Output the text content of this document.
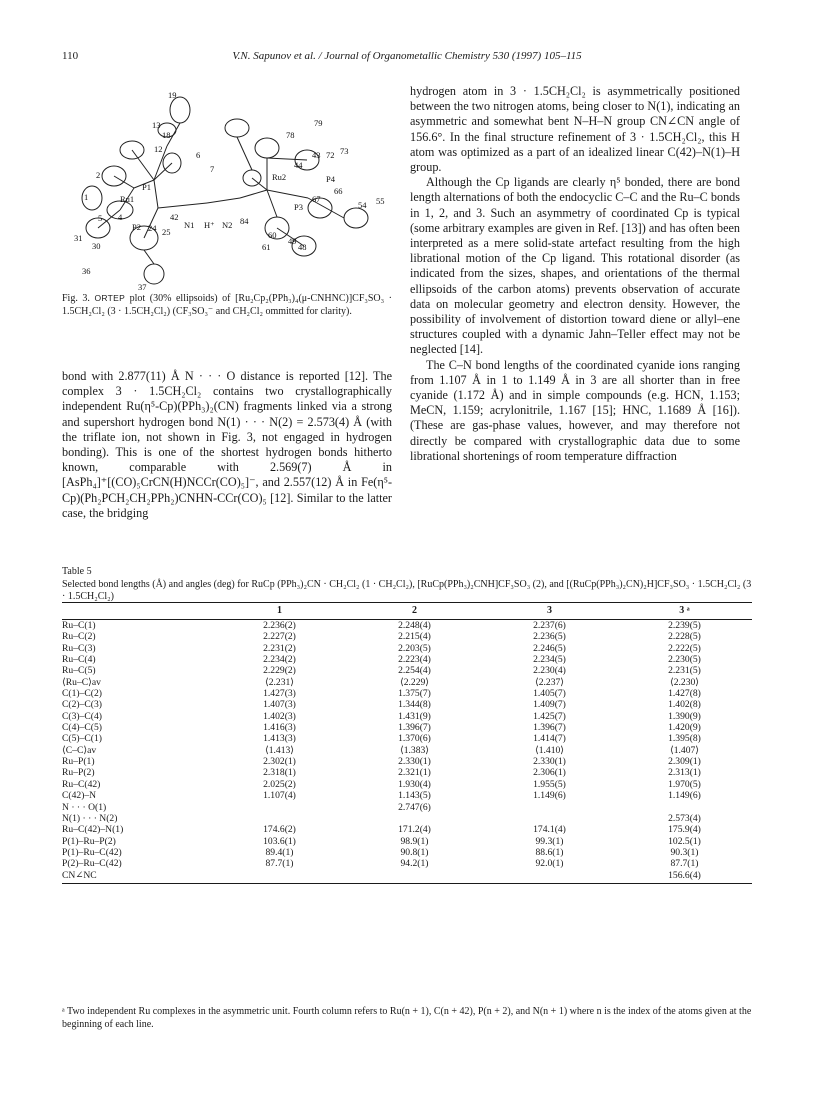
110	V.N. Sapunov et al. / Journal of Organometallic Chemistry 530 (1997) 105–115
19
13
18
12
6
7
2
P1
1	Ru1
5 4	42
N1 H⁺ N2 84
P2 24 25
31
30
36
37
79
78
44
43 72 73
Ru2	P4
66
67
P3	54 55
60
49
48
61
Fig. 3. ORTEP plot (30% ellipsoids) of [Ru₂Cp₂(PPh₃)₄(μ-CNHNC)]CF₃SO₃ · 1.5CH₂Cl₂ (3 · 1.5CH₂Cl₂) (CF₃SO₃⁻ and CH₂Cl₂ ommitted for clarity).

bond with 2.877(11) Å N · · · O distance is reported [12]. The complex 3 · 1.5CH₂Cl₂ contains two crystallographically independent Ru(η⁵-Cp)(PPh₃)₂(CN) fragments linked via a strong and supershort hydrogen bond N(1) · · · N(2) = 2.573(4) Å (with the triflate ion, not shown in Fig. 3, not engaged in hydrogen bonding). This is one of the shortest hydrogen bonds hitherto known, comparable with 2.569(7) Å in [AsPh₄]⁺[(CO)₅CrCN(H)NCCr(CO)₅]⁻, and 2.557(12) Å in Fe(η⁵-Cp)(Ph₂PCH₂CH₂PPh₂)CNHN-CCr(CO)₅ [12]. Similar to the latter case, the bridging

hydrogen atom in 3 · 1.5CH₂Cl₂ is asymmetrically positioned between the two nitrogen atoms, being closer to N(1), indicating an asymmetric and somewhat bent N–H–N group CN∠CN angle of 156.6°. In the final structure refinement of 3 · 1.5CH₂Cl₂, this H atom was optimized as a part of an idealized linear C(42)–N(1)–H group.

Although the Cp ligands are clearly η⁵ bonded, there are bond length alternations of both the endocyclic C–C and the Ru–C bonds in 1, 2, and 3. Such an asymmetry of coordinated Cp is typical (some arbitrary examples are given in Ref. [13]) and has often been interpreted as a mere solid-state artefact resulting from the high librational motion of the Cp ligand. This rotational disorder (as indicated from the sizes, shapes, and orientations of the thermal ellipsoids of the carbon atoms) prevents observation of accurate data on molecular geometry and electron density. However, the possibility of involvement of distortion toward diene or allyl–ene structures coupled with a dynamic Jahn–Teller effect may not be neglected [14].

The C–N bond lengths of the coordinated cyanide ions ranging from 1.107 Å in 1 to 1.149 Å in 3 are all shorter than in free cyanide (1.172 Å) and in simple compounds (e.g. HCN, 1.153; MeCN, 1.159; acrylonitrile, 1.167 [15]; HNC, 1.1689 Å [16]). (These are gas-phase values, however, and may therefore not directly be compared with crystallographic data due to some librational shortenings of room temperature diffraction

Table 5
Selected bond lengths (Å) and angles (deg) for RuCp (PPh₃)₂CN · CH₂Cl₂ (1 · CH₂Cl₂), [RuCp(PPh₃)₂CNH]CF₃SO₃ (2), and [(RuCp(PPh₃)₂CN)₂H]CF₃SO₃ · 1.5CH₂Cl₂ (3 · 1.5CH₂Cl₂)
	1	2	3	3 ᵃ
Ru–C(1)	2.236(2)	2.248(4)	2.237(6)	2.239(5)
Ru–C(2)	2.227(2)	2.215(4)	2.236(5)	2.228(5)
Ru–C(3)	2.231(2)	2.203(5)	2.246(5)	2.222(5)
Ru–C(4)	2.234(2)	2.223(4)	2.234(5)	2.230(5)
Ru–C(5)	2.229(2)	2.254(4)	2.230(4)	2.231(5)
⟨Ru–C⟩av	⟨2.231⟩	⟨2.229⟩	⟨2.237⟩	⟨2.230⟩
C(1)–C(2)	1.427(3)	1.375(7)	1.405(7)	1.427(8)
C(2)–C(3)	1.407(3)	1.344(8)	1.409(7)	1.402(8)
C(3)–C(4)	1.402(3)	1.431(9)	1.425(7)	1.390(9)
C(4)–C(5)	1.416(3)	1.396(7)	1.396(7)	1.420(9)
C(5)–C(1)	1.413(3)	1.370(6)	1.414(7)	1.395(8)
⟨C–C⟩av	⟨1.413⟩	⟨1.383⟩	⟨1.410⟩	⟨1.407⟩
Ru–P(1)	2.302(1)	2.330(1)	2.330(1)	2.309(1)
Ru–P(2)	2.318(1)	2.321(1)	2.306(1)	2.313(1)
Ru–C(42)	2.025(2)	1.930(4)	1.955(5)	1.970(5)
C(42)–N	1.107(4)	1.143(5)	1.149(6)	1.149(6)
N · · · O(1)		2.747(6)		
N(1) · · · N(2)				2.573(4)
Ru–C(42)–N(1)	174.6(2)	171.2(4)	174.1(4)	175.9(4)
P(1)–Ru–P(2)	103.6(1)	98.9(1)	99.3(1)	102.5(1)
P(1)–Ru–C(42)	89.4(1)	90.8(1)	88.6(1)	90.3(1)
P(2)–Ru–C(42)	87.7(1)	94.2(1)	92.0(1)	87.7(1)
CN∠NC				156.6(4)
ᵃ Two independent Ru complexes in the asymmetric unit. Fourth column refers to Ru(n + 1), C(n + 42), P(n + 2), and N(n + 1) where n is the index of the atoms given at the beginning of each line.
